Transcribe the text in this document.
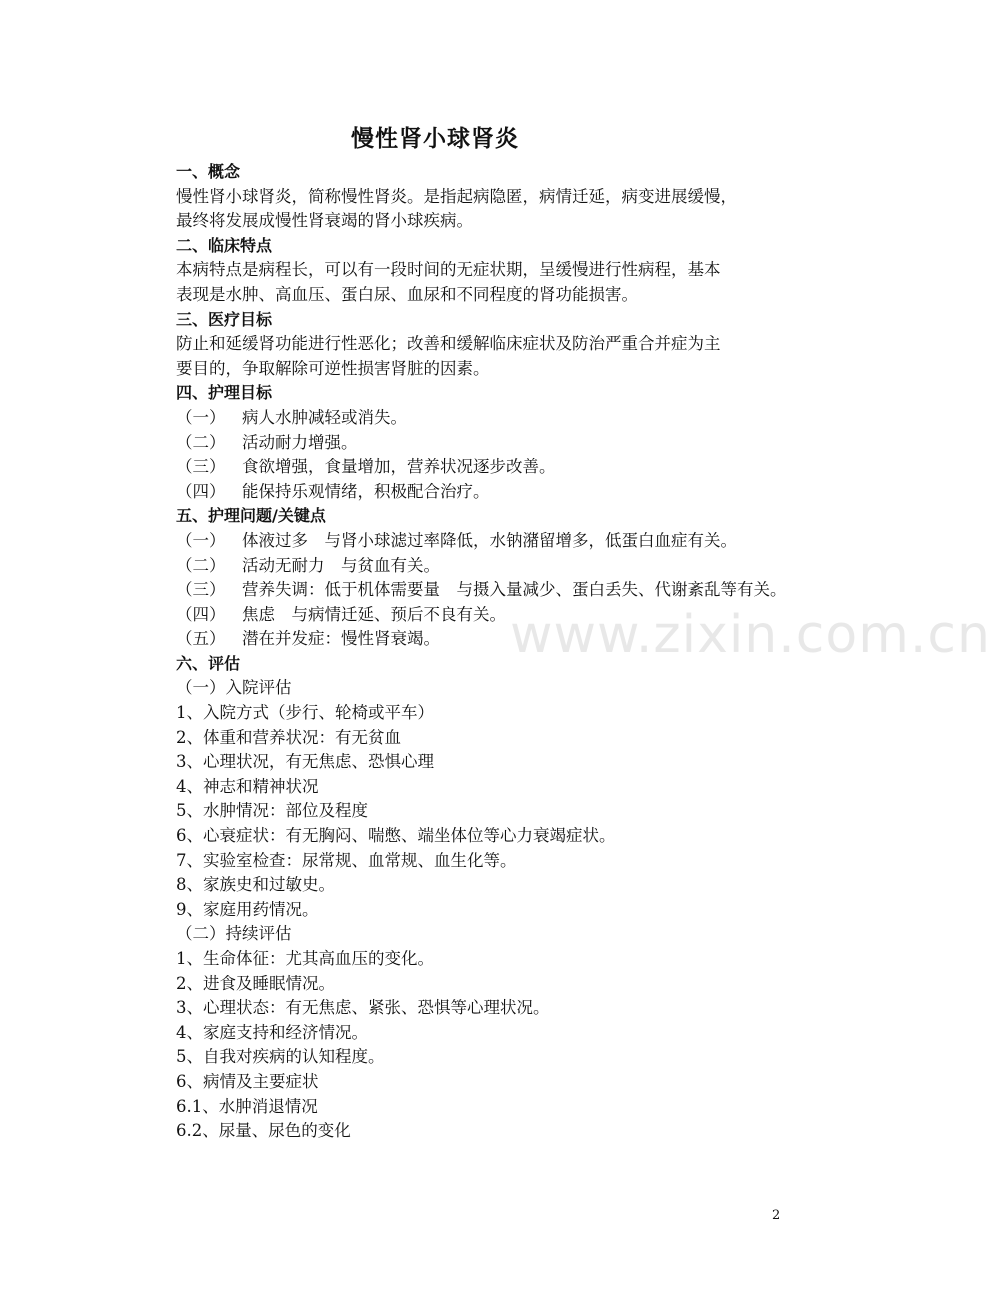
慢性肾小球肾炎
一、概念
慢性肾小球肾炎，简称慢性肾炎。是指起病隐匿，病情迁延，病变进展缓慢，
最终将发展成慢性肾衰竭的肾小球疾病。
二、临床特点
本病特点是病程长，可以有一段时间的无症状期，呈缓慢进行性病程，基本
表现是水肿、高血压、蛋白尿、血尿和不同程度的肾功能损害。
三、医疗目标
防止和延缓肾功能进行性恶化；改善和缓解临床症状及防治严重合并症为主
要目的，争取解除可逆性损害肾脏的因素。
四、护理目标
（一）	病人水肿减轻或消失。
（二）	活动耐力增强。
（三）	食欲增强，食量增加，营养状况逐步改善。
（四）	能保持乐观情绪，积极配合治疗。
五、护理问题/关键点
（一）	体液过多　与肾小球滤过率降低，水钠潴留增多，低蛋白血症有关。
（二）	活动无耐力　与贫血有关。
（三）	营养失调：低于机体需要量　与摄入量减少、蛋白丢失、代谢紊乱等有关。
（四）	焦虑　与病情迁延、预后不良有关。
（五）	潜在并发症：慢性肾衰竭。
六、评估
（一）入院评估
1、入院方式（步行、轮椅或平车）
2、体重和营养状况：有无贫血
3、心理状况，有无焦虑、恐惧心理
4、神志和精神状况
5、水肿情况：部位及程度
6、心衰症状：有无胸闷、喘憋、端坐体位等心力衰竭症状。
7、实验室检查：尿常规、血常规、血生化等。
8、家族史和过敏史。
9、家庭用药情况。
（二）持续评估
1、生命体征：尤其高血压的变化。
2、进食及睡眠情况。
3、心理状态：有无焦虑、紧张、恐惧等心理状况。
4、家庭支持和经济情况。
5、自我对疾病的认知程度。
6、病情及主要症状
6.1、水肿消退情况
6.2、尿量、尿色的变化
www.zixin.com.cn
2
